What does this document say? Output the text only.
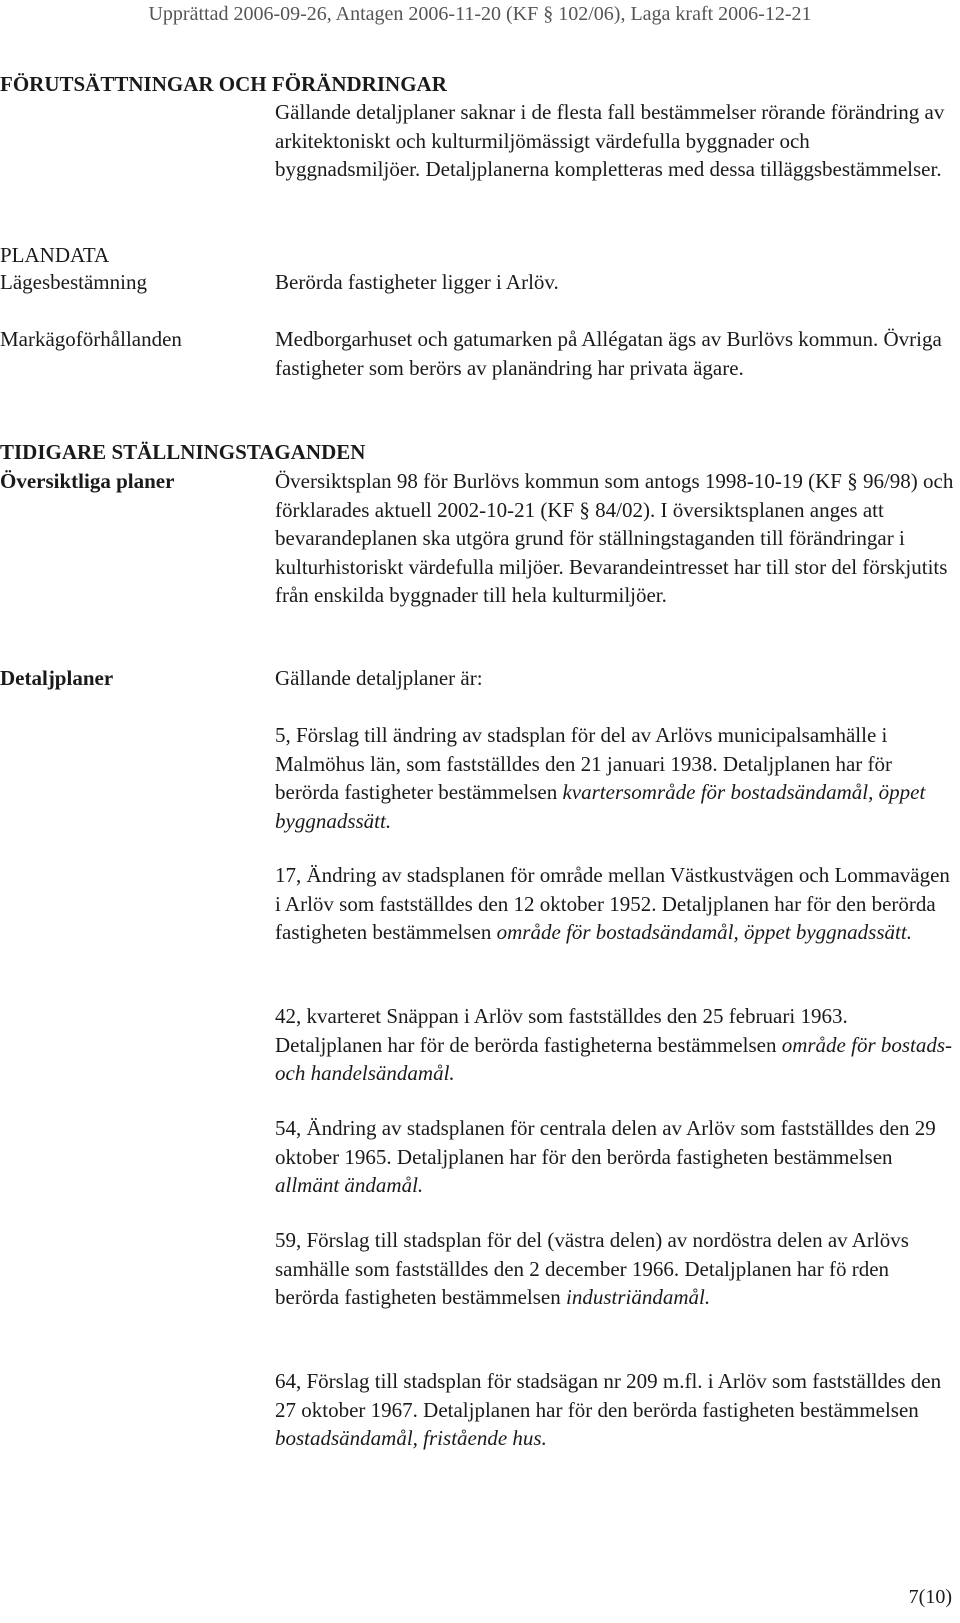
Upprättad 2006-09-26, Antagen 2006-11-20 (KF § 102/06), Laga kraft 2006-12-21
FÖRUTSÄTTNINGAR OCH FÖRÄNDRINGAR
Gällande detaljplaner saknar i de flesta fall bestämmelser rörande förändring av arkitektoniskt och kulturmiljömässigt värdefulla byggnader och byggnadsmiljöer. Detaljplanerna kompletteras med dessa tilläggsbestämmelser.
PLANDATA
Lägesbestämning	Berörda fastigheter ligger i Arlöv.
Markägoförhållanden	Medborgarhuset och gatumarken på Allégatan ägs av Burlövs kommun. Övriga fastigheter som berörs av planändring har privata ägare.
TIDIGARE STÄLLNINGSTAGANDEN
Översiktliga planer	Översiktsplan 98 för Burlövs kommun som antogs 1998-10-19 (KF § 96/98) och förklarades aktuell 2002-10-21 (KF § 84/02). I översiktsplanen anges att bevarandeplanen ska utgöra grund för ställningstaganden till förändringar i kulturhistoriskt värdefulla miljöer. Bevarandeintresset har till stor del förskjutits från enskilda byggnader till hela kulturmiljöer.
Detaljplaner	Gällande detaljplaner är:
5, Förslag till ändring av stadsplan för del av Arlövs municipalsamhälle i Malmöhus län, som fastställdes den 21 januari 1938. Detaljplanen har för berörda fastigheter bestämmelsen kvartersområde för bostadsändamål, öppet byggnadssätt.
17, Ändring av stadsplanen för område mellan Västkustvägen och Lommavägen i Arlöv som fastställdes den 12 oktober 1952. Detaljplanen har för den berörda fastigheten bestämmelsen område för bostadsändamål, öppet byggnadssätt.
42, kvarteret Snäppan i Arlöv som fastställdes den 25 februari 1963. Detaljplanen har för de berörda fastigheterna bestämmelsen område för bostads- och handelsändamål.
54, Ändring av stadsplanen för centrala delen av Arlöv som fastställdes den 29 oktober 1965. Detaljplanen har för den berörda fastigheten bestämmelsen allmänt ändamål.
59, Förslag till stadsplan för del (västra delen) av nordöstra delen av Arlövs samhälle som fastställdes den 2 december 1966. Detaljplanen har fö rden berörda fastigheten bestämmelsen industriändamål.
64, Förslag till stadsplan för stadsägan nr 209 m.fl. i Arlöv som fastställdes den 27 oktober 1967. Detaljplanen har för den berörda fastigheten bestämmelsen bostadsändamål, fristående hus.
7(10)
